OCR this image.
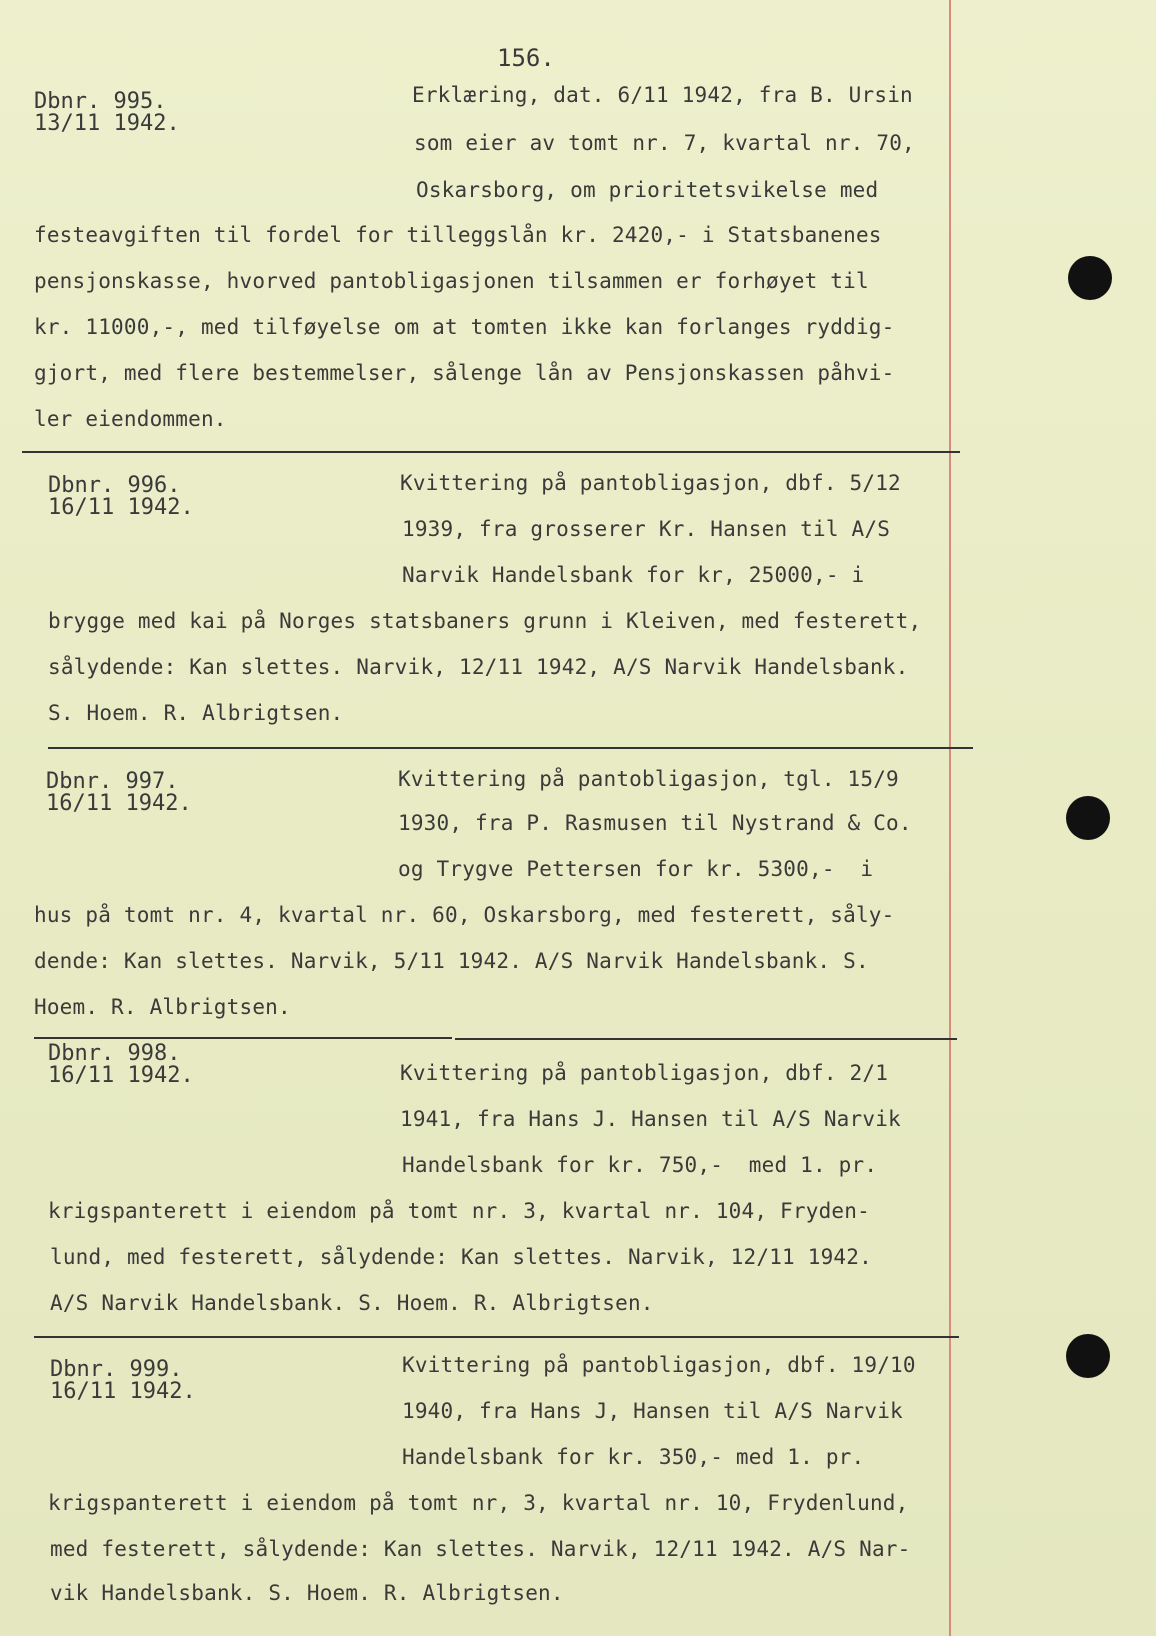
156.
Dbnr. 995.
13/11 1942.
Erklæring, dat. 6/11 1942, fra B. Ursin
som eier av tomt nr. 7, kvartal nr. 70,
Oskarsborg, om prioritetsvikelse med
festeavgiften til fordel for tilleggslån kr. 2420,- i Statsbanenes
pensjonskasse, hvorved pantobligasjonen tilsammen er forhøyet til
kr. 11000,-, med tilføyelse om at tomten ikke kan forlanges ryddig-
gjort, med flere bestemmelser, sålenge lån av Pensjonskassen påhvi-
ler eiendommen.
Dbnr. 996.
16/11 1942.
Kvittering på pantobligasjon, dbf. 5/12
1939, fra grosserer Kr. Hansen til A/S
Narvik Handelsbank for kr, 25000,- i
brygge med kai på Norges statsbaners grunn i Kleiven, med festerett,
sålydende: Kan slettes. Narvik, 12/11 1942, A/S Narvik Handelsbank.
S. Hoem. R. Albrigtsen.
Dbnr. 997.
16/11 1942.
Kvittering på pantobligasjon, tgl. 15/9
1930, fra P. Rasmusen til Nystrand & Co.
og Trygve Pettersen for kr. 5300,-  i
hus på tomt nr. 4, kvartal nr. 60, Oskarsborg, med festerett, såly-
dende: Kan slettes. Narvik, 5/11 1942. A/S Narvik Handelsbank. S.
Hoem. R. Albrigtsen.
Dbnr. 998.
16/11 1942.	Kvittering på pantobligasjon, dbf. 2/1
1941, fra Hans J. Hansen til A/S Narvik
Handelsbank for kr. 750,-  med 1. pr.
krigspanterett i eiendom på tomt nr. 3, kvartal nr. 104, Fryden-
lund, med festerett, sålydende: Kan slettes. Narvik, 12/11 1942.
A/S Narvik Handelsbank. S. Hoem. R. Albrigtsen.
Dbnr. 999.
16/11 1942.
Kvittering på pantobligasjon, dbf. 19/10
1940, fra Hans J, Hansen til A/S Narvik
Handelsbank for kr. 350,- med 1. pr.
krigspanterett i eiendom på tomt nr, 3, kvartal nr. 10, Frydenlund,
med festerett, sålydende: Kan slettes. Narvik, 12/11 1942. A/S Nar-
vik Handelsbank. S. Hoem. R. Albrigtsen.
